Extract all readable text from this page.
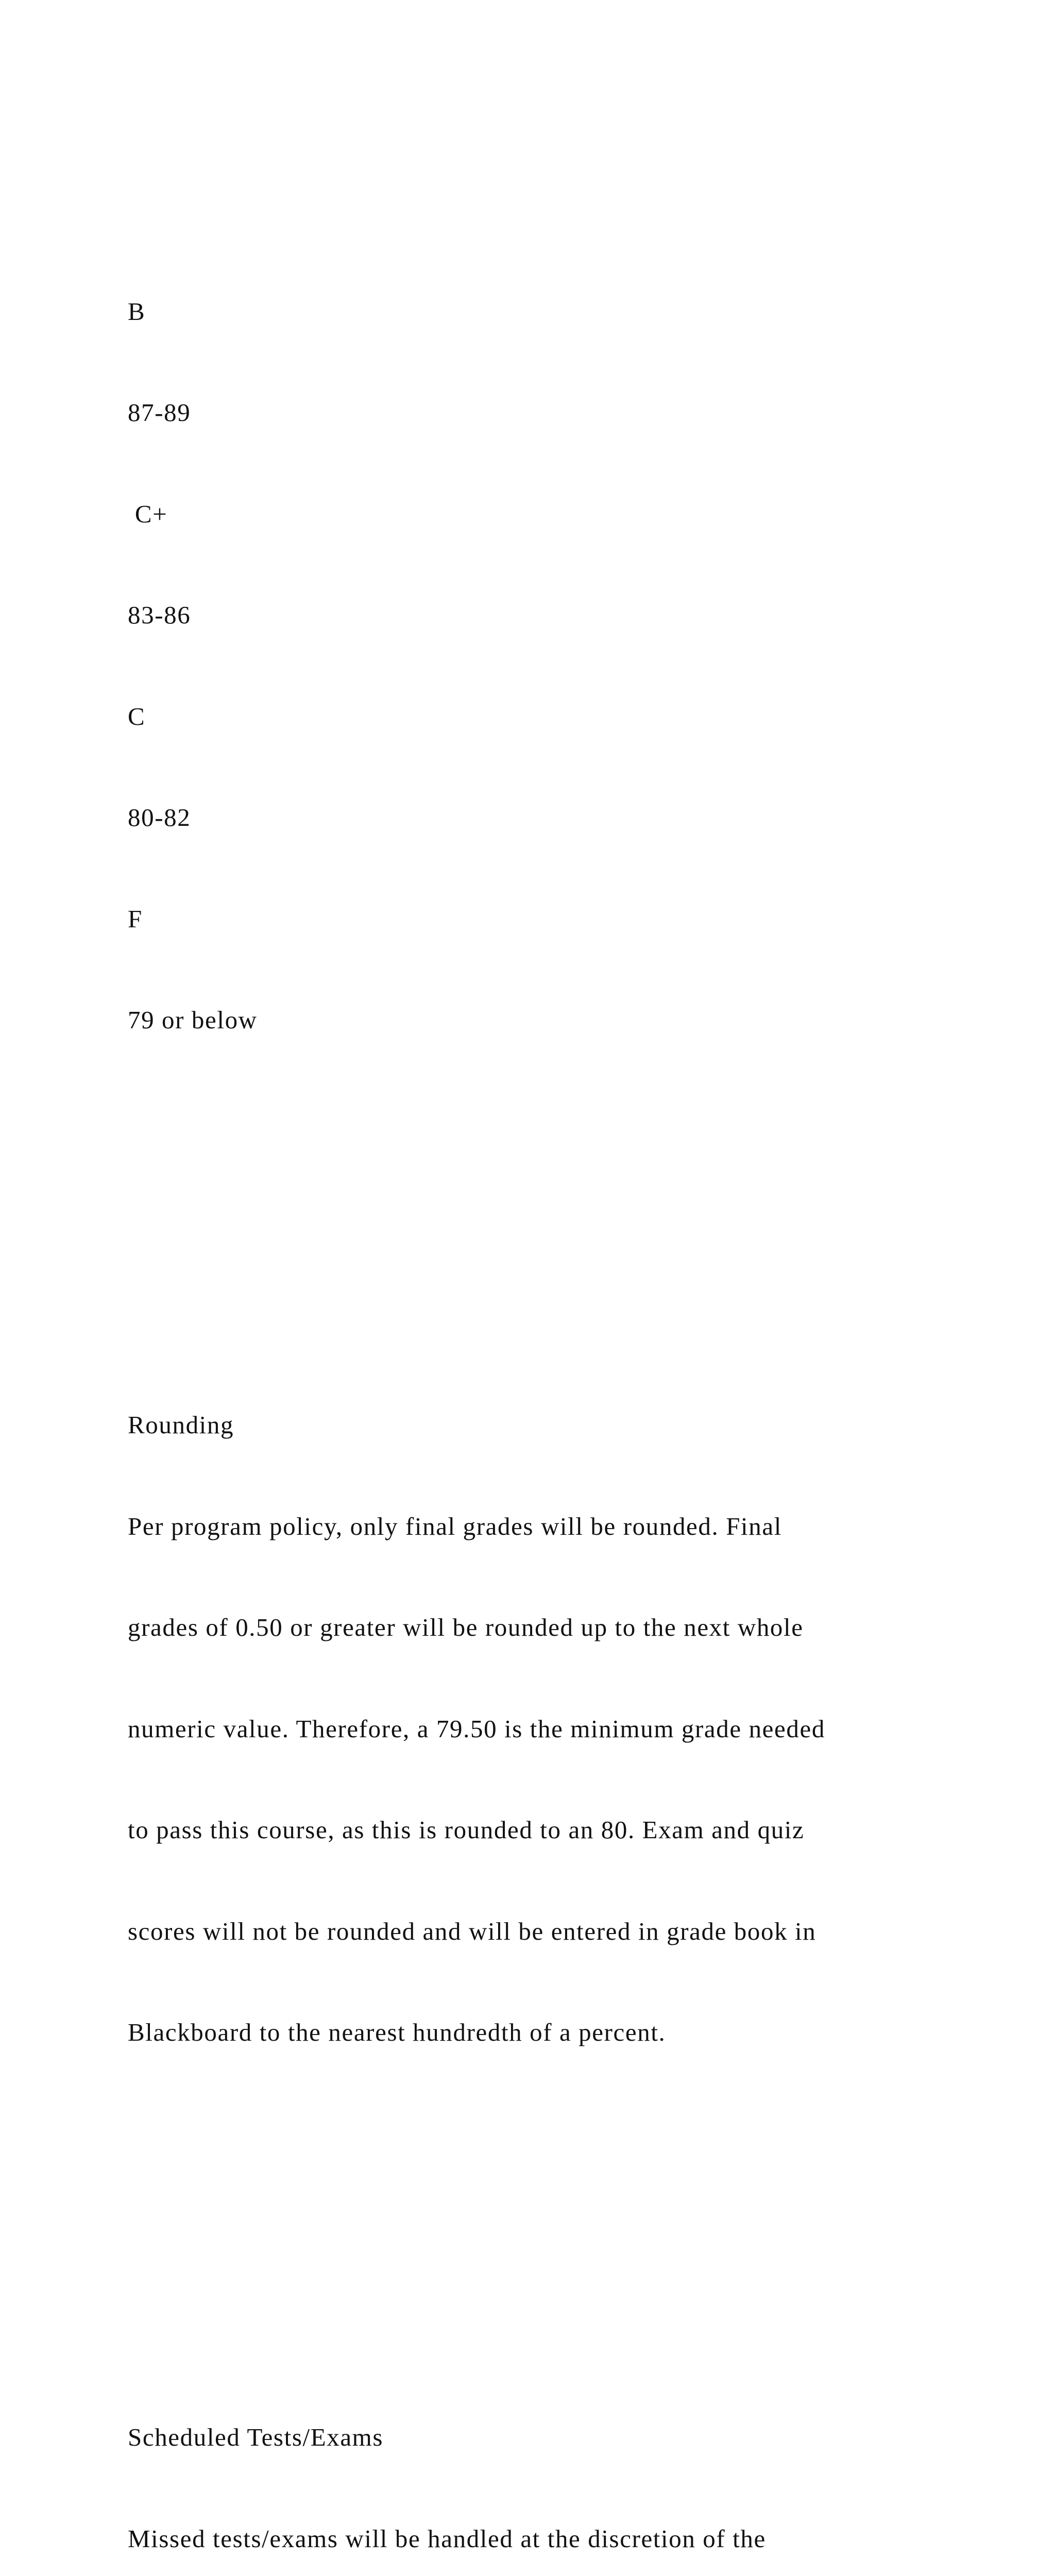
B

87-89

C+

83-86

C

80-82

F

79 or below

Rounding

Per program policy, only final grades will be rounded. Final

grades of 0.50 or greater will be rounded up to the next whole

numeric value. Therefore, a 79.50 is the minimum grade needed

to pass this course, as this is rounded to an 80. Exam and quiz

scores will not be rounded and will be entered in grade book in

Blackboard to the nearest hundredth of a percent.

Scheduled Tests/Exams

Missed tests/exams will be handled at the discretion of the
